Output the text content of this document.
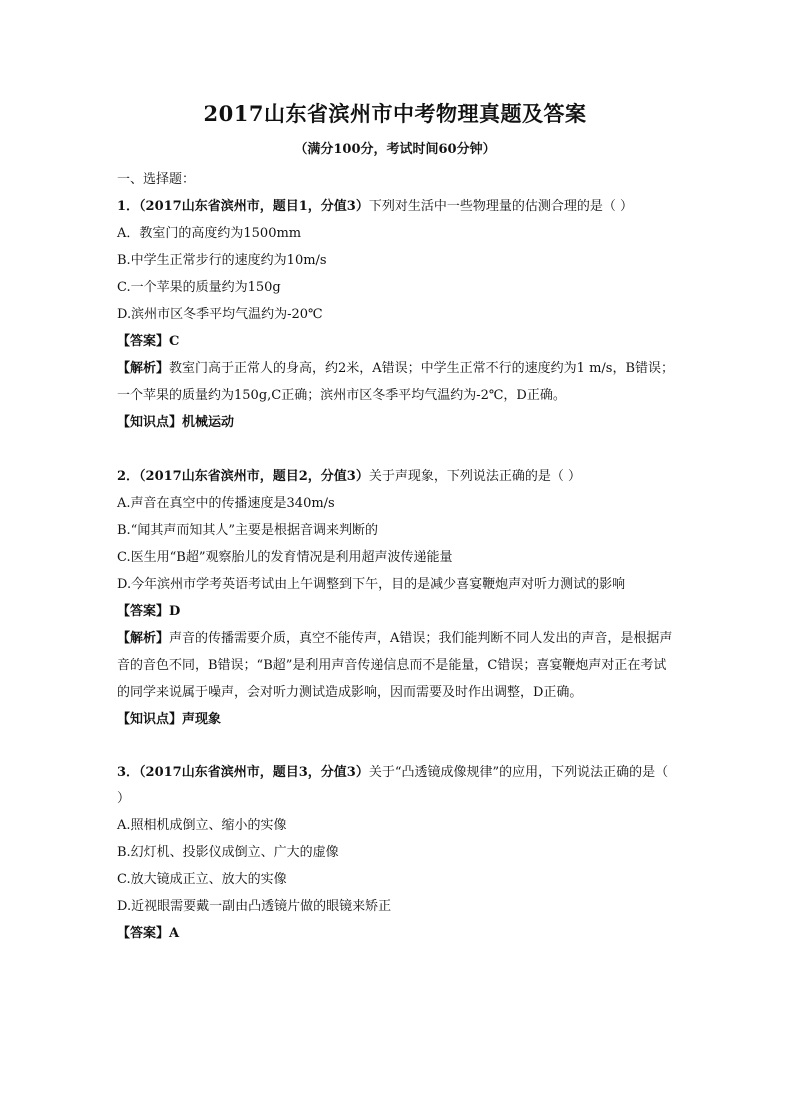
2017山东省滨州市中考物理真题及答案
（满分100分，考试时间60分钟）
一、选择题：
1．（2017山东省滨州市，题目1，分值3）下列对生活中一些物理量的估测合理的是（ ）
A．教室门的高度约为1500mm
B.中学生正常步行的速度约为10m/s
C.一个苹果的质量约为150g
D.滨州市区冬季平均气温约为-20℃
【答案】C
【解析】教室门高于正常人的身高，约2米，A错误；中学生正常不行的速度约为1 m/s，B错误；一个苹果的质量约为150g,C正确；滨州市区冬季平均气温约为-2℃，D正确。
【知识点】机械运动
2．（2017山东省滨州市，题目2，分值3）关于声现象，下列说法正确的是（ ）
A.声音在真空中的传播速度是340m/s
B.“闻其声而知其人”主要是根据音调来判断的
C.医生用“B超”观察胎儿的发育情况是利用超声波传递能量
D.今年滨州市学考英语考试由上午调整到下午，目的是减少喜宴鞭炮声对听力测试的影响
【答案】D
【解析】声音的传播需要介质，真空不能传声，A错误；我们能判断不同人发出的声音，是根据声音的音色不同，B错误；“B超”是利用声音传递信息而不是能量，C错误；喜宴鞭炮声对正在考试的同学来说属于噪声，会对听力测试造成影响，因而需要及时作出调整，D正确。
【知识点】声现象
3．（2017山东省滨州市，题目3，分值3）关于“凸透镜成像规律”的应用，下列说法正确的是（ ）
A.照相机成倒立、缩小的实像
B.幻灯机、投影仪成倒立、广大的虚像
C.放大镜成正立、放大的实像
D.近视眼需要戴一副由凸透镜片做的眼镜来矫正
【答案】A
